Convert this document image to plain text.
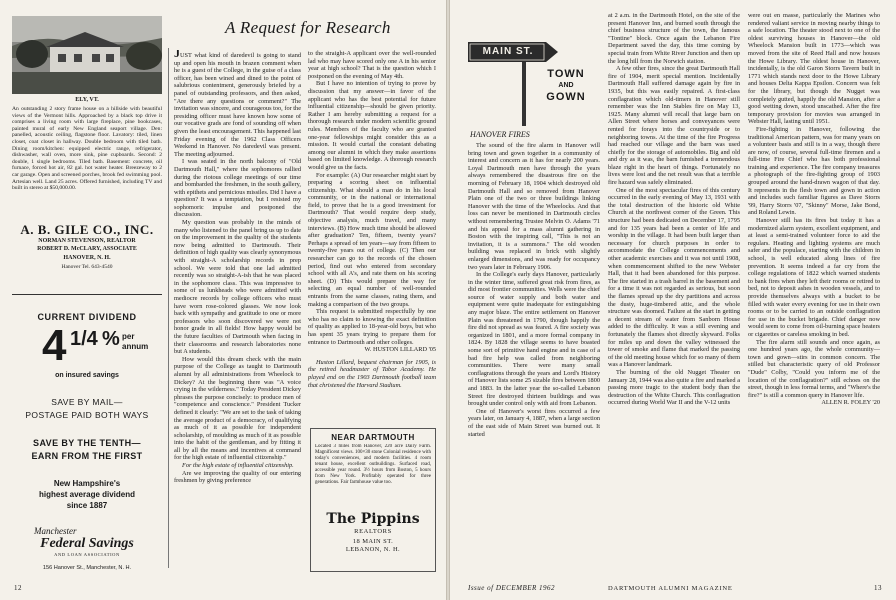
A Request for Research
ELY, VT.
An outstanding 2 story frame house on a hillside with beautiful views of the Vermont hills. Approached by a black top drive it comprises a living room with large fireplace, pine bookcases, painted mural of early New England seaport village. Den: panelled, acoustic ceiling, flagstone floor. Lavatory: tiled, linen closet, coat closet in hallway. Double bedroom with tiled bath. Dining room/kitchen: equipped electric range, refrigerator, dishwasher, wall oven, more sink, pine cupboards. Second: 2 double, 1 single bedrooms. Tiled bath. Basement: concrete, oil furnace, forced hot air, 82 gal. hot water heater. Breezeway to 2 car garage. Open and screened porches, brook fed swimming pool. Artesian well. Land 25 acres. Offered furnished, including TV and built in stereo at $50,000.00.
A. B. GILE CO., INC.
NORMAN STEVENSON, REALTOR
ROBERT D. McCLARY, ASSOCIATE
HANOVER, N. H.
Hanover Tel. 643-4540
CURRENT DIVIDEND
4 1/4 % per
annum
on insured savings
SAVE BY MAIL—
POSTAGE PAID BOTH WAYS
SAVE BY THE TENTH—
EARN FROM THE FIRST
New Hampshire's
highest average dividend
since 1887
Manchester
Federal Savings
AND LOAN ASSOCIATION
156 Hanover St., Manchester, N. H.

JUST what kind of daredevil is going to stand up and open his mouth in brazen comment when he is a guest of the College, in the guise of a class officer, has been wined and dined to the point of salubrious contentment, generously briefed by a panel of outstanding professors, and then asked, "Are there any questions or comment?" The invitation was sincere, and courageous too, for the presiding officer must have known how some of our vocative grads are fond of sounding off when given the least encouragement. This happened last Friday evening of the 1962 Class Officers Weekend in Hanover. No daredevil was present. The meeting adjourned.

I was seated in the north balcony of "Old Dartmouth Hall," where the sophomores rallied during the riotous college meetings of our time and bombarded the freshmen, in the south gallery, with epithets and pernicious missiles. Did I have a question? It was a temptation, but I resisted my sophomoric impulse and postponed the discussion.

My question was probably in the minds of many who listened to the panel bring us up to date on the improvement in the quality of the students now being admitted to Dartmouth. Their definition of high quality was clearly synonymous with straight-A scholarship records in prep school. We were told that one lad admitted recently was so straight-A-ish that he was placed in the sophomore class. This was impressive to some of us lunkheads who were admitted with mediocre records by college officers who must have worn rose-colored glasses. We now look back with sympathy and gratitude to one or more professors who soon discovered we were not honor grade in all fields! How happy would be the future faculties of Dartmouth when facing in their classrooms and research laboratories none but A students.

How would this dream check with the main purpose of the College as taught to Dartmouth alumni by all administrations from Wheelock to Dickey? At the beginning there was "A voice crying in the wilderness." Today President Dickey phrases the purpose concisely: to produce men of "competence and conscience." President Tucker defined it clearly: "We are set to the task of taking the average product of a democracy, of qualifying as much of it as possible for independent scholarship, of moulding as much of it as possible into the habit of the gentleman, and by fitting it all by all the means and incentives at command for the high estate of influential citizenship."

For the high estate of influential citizenship.

Are we improving the quality of our entering freshmen by giving preference

to the straight-A applicant over the well-rounded lad who may have scored only one A in his senior year at high school? That is the question which I postponed on the evening of May 4th.

But I have no intention of trying to prove by discussion that my answer—in favor of the applicant who has the best potential for future influential citizenship—should be given priority. Rather I am hereby submitting a request for a thorough research under modern scientific ground rules. Members of the faculty who are granted one-year fellowships might consider this as a mission. It would curtail the constant debating among our alumni in which they make assertions based on limited knowledge. A thorough research would give us the facts.

For example: (A) Our researcher might start by preparing a scoring sheet on influential citizenship. What should a man do in his local community, or in the national or international field, to prove that he is a good investment for Dartmouth? That would require deep study, objective analysis, much travel, and many interviews. (B) How much time should be allowed after graduation? Ten, fifteen, twenty years? Perhaps a spread of ten years—say from fifteen to twenty-five years out of college. (C) Then our researcher can go to the records of the chosen period, find out who entered from secondary school with all A's, and rate them on his scoring sheet. (D) This would prepare the way for selecting an equal number of well-rounded entrants from the same classes, rating them, and making a comparison of the two groups.

This request is submitted respectfully by one who has no claim to knowing the exact definition of quality as applied to 18-year-old boys, but who has spent 35 years trying to prepare them for entrance to Dartmouth and other colleges.

W. HUSTON LILLARD '05

Huston Lillard, bequest chairman for 1905, is the retired headmaster of Tabor Academy. He played end on the 1903 Dartmouth football team that christened the Harvard Stadium.

NEAR DARTMOUTH
Located 3 miles from Hanover, 220 acre Dairy Farm. Magnificent views. 100×30 stone Colonial residence with today's conveniences, and modern facilities. 4 room tenant house, excellent outbuildings. Surfaced road, accessible year round. 3½ hours from Boston, 5 hours from New York. Profitably operated for three generations. Fair farmhouse value too.
The Pippins
REALTORS
18 MAIN ST.
LEBANON, N. H.
12
MAIN ST.
TOWN
AND
GOWN
HANOVER FIRES

The sound of the fire alarm in Hanover will bring town and gown together in a community of interest and concern as it has for nearly 200 years. Loyal Dartmouth men have through the years always remembered the disastrous fire on the morning of February 18, 1904 which destroyed old Dartmouth Hall and so removed from Hanover Plain one of the two or three buildings linking Hanover with the time of the Wheelocks. And that loss can never be mentioned in Dartmouth circles without remembering Trustee Melvin O. Adams '71 and his appeal for a mass alumni gathering in Boston with the inspiring call, "This is not an invitation, it is a summons." The old wooden building was replaced in brick with slightly enlarged dimensions, and was ready for occupancy two years later in February 1906.

In the College's early days Hanover, particularly in the winter time, suffered great risk from fires, as did most frontier communities. Wells were the chief source of water supply and both water and equipment were quite inadequate for extinguishing any major blaze. The entire settlement on Hanover Plain was threatened in 1790, though happily the fire did not spread as was feared. A fire society was organized in 1801, and a more formal company in 1824. By 1828 the village seems to have boasted some sort of primitive hand engine and in case of a bad fire help was called from neighboring communities. There were many small conflagrations through the years and Lord's History of Hanover lists some 25 sizable fires between 1800 and 1883. In the latter year the so-called Lebanon Street fire destroyed thirteen buildings and was brought under control only with aid from Lebanon.

One of Hanover's worst fires occurred a few years later, on January 4, 1887, when a large section of the east side of Main Street was burned out. It started

at 2 a.m. in the Dartmouth Hotel, on the site of the present Hanover Inn, and burned south through the chief business structure of the town, the famous "Tontine" block. Once again the Lebanon Fire Department saved the day, this time coming by special train from White River Junction and then up the long hill from the Norwich station.

A few other fires, since the great Dartmouth Hall fire of 1904, merit special mention. Incidentally Dartmouth Hall suffered damage again by fire in 1935, but this was easily repaired. A first-class conflagration which old-timers in Hanover still remember was the Inn Stables fire on May 13, 1925. Many alumni will recall that large barn on Allen Street where horses and conveyances were rented for forays into the countryside or to neighboring towns. At the time of the fire Progress had reached our village and the barn was used chiefly for the storage of automobiles. Big and old and dry as it was, the barn furnished a tremendous blaze right in the heart of things. Fortunately no lives were lost and the net result was that a terrible fire hazard was safely eliminated.

One of the most spectacular fires of this century occurred in the early evening of May 13, 1931 with the total destruction of the historic old White Church at the northwest corner of the Green. This structure had been dedicated on December 17, 1795 and for 135 years had been a center of life and worship in the village. It had been built larger than necessary for church purposes in order to accommodate the College commencements and other academic exercises and it was not until 1908, when commencement shifted to the new Webster Hall, that it had been abandoned for this purpose. The fire started in a trash barrel in the basement and for a time it was not regarded as serious, but soon the flames spread up the dry partitions and across the dusty, huge-timbered attic, and the whole structure was doomed. Failure at the start in getting a decent stream of water from Sanborn House added to the difficulty. It was a still evening and fortunately the flames shot directly skyward. Folks for miles up and down the valley witnessed the tower of smoke and flame that marked the passing of the old meeting house which for so many of them was a Hanover landmark.

The burning of the old Nugget Theater on January 28, 1944 was also quite a fire and marked a passing more tragic to the student body than the destruction of the White Church. This conflagration occurred during World War II and the V-12 units

were out en masse, particularly the Marines who rendered valiant service in moving nearby things to a safe location. The theater stood next to one of the oldest surviving houses in Hanover—the old Wheelock Mansion built in 1773—which was moved from the site of Reed Hall and now houses the Howe Library. The oldest house in Hanover, incidentally, is the old Garon Storrs Tavern built in 1771 which stands next door to the Howe Library and houses Delta Kappa Epsilon. Concern was felt for the library, but though the Nugget was completely gutted, happily the old Mansion, after a good wetting down, stood unscathed. After the fire temporary provision for movies was arranged in Webster Hall, lasting until 1951.

Fire-fighting in Hanover, following the traditional American pattern, was for many years on a volunteer basis and still is in a way, though there are now, of course, several full-time firemen and a full-time Fire Chief who has both professional training and experience. The fire company treasures a photograph of the fire-fighting group of 1903 grouped around the hand-drawn wagon of that day. It represents in the flesh town and gown in action and includes such familiar figures as Dave Storrs '99, Harry Storrs '07, "Skinny" Morse, Jake Bond, and Roland Lewin.

Hanover still has its fires but today it has a modernized alarm system, excellent equipment, and at least a semi-trained volunteer force to aid the regulars. Heating and lighting systems are much safer and the populace, starting with the children in school, is well educated along lines of fire prevention. It seems indeed a far cry from the college regulations of 1822 which warned students to bank fires when they left their rooms or retired to bed, not to deposit ashes in wooden vessels, and to provide themselves always with a bucket to be filled with water every evening for use in their own rooms or to be carried to an outside conflagration for use in the bucket brigade. Chief danger now would seem to come from oil-burning space heaters or cigarettes or careless smoking in bed.

The fire alarm still sounds and once again, as one hundred years ago, the whole community—town and gown—stirs in common concern. The stilled but characteristic query of old Professor "Dude" Colby, "Could you inform me of the location of the conflagration?" still echoes on the street, though in less formal terms, and "Where's the fire?" is still a common query in Hanover life.

ALLEN R. FOLEY '20

Issue of DECEMBER 1962	DARTMOUTH ALUMNI MAGAZINE	13
